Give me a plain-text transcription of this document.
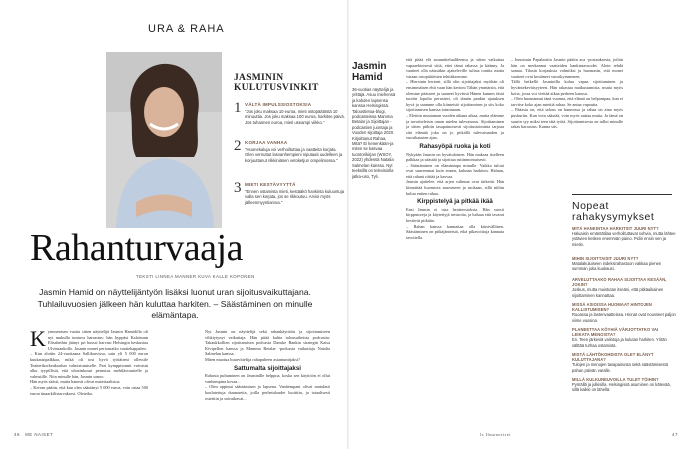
URA & RAHA
JASMININ
KULUTUSVINKIT
1 VÄLTÄ IMPULSSIOSTOKSIA
"Jos joku maksaa 10 euroa, mieti ostopäätöstä 10 minuuttia. Jos joku maksaa 100 euroa, harkitse päivä. Jos tuhannen euroa, mieti useampi viikko."
2 KORJAA VANHAA
"Huonekaluja voi verhoiltuttaa ja vaatteita korjata. Olen vernuttut lasvanhempieni niputaati uudelleen ja korjuuttanut riikkiniäsen vetoketjun ompelimossa."
3 MIETI KESTÄVYYTTÄ
"Ennen ostamista mieti, kestääkö hankinta kuluuntuja valla sen korjata, jos se rikkoutuu. Arvioi myös jälleenmyyntiarvoa."
Rahanturvaaja
TEKSTI LINNEA MANNER KUVA KALLE KOPONEN
Jasmin Hamid on näyttelijäntyön lisäksi luonut uran sijoitusvaikuttajana. Tuhlailuvuosien jälkeen hän kuluttaa harkiten. – Säästäminen on minulle elämäntapa.
K ymmenisen vuotta sitten näyttelijä Jasmin Hamidilla oli nyt mukulla tuntuva harrastus: hän hyppäsi Kalaisuun Elisabethin jäänyt pri busssi harvasi Helsingin keskustaa Ulvinsankollo. Jasmin monet periomaiko vaattekappalen.
– Kun aloitin 24-vuotiaana Sallikarvissa, sain yli 5 000 euron kuukausipalkkaa, mikä oli tosi hyvä työtätieni ollessile Teatterikorkeakoulun valmistumiselle. Pari kymppitonnit vaivasin alku tyypillistä, että ulostinkosni pernutus mehiläsvauttelle ja valmstille. Niin minulle hän, Jasmin sanoo.
Hän myös säästi, mutta hanesti olivat materiaalistoa.
– Kerran päätin, että kun olen säästänyt 5 000 euroa, voin ostaa 500 euron tinaarkilistarvaksesi. Oletetko.
Nyt Jasmin on näyttelijä sekä rahankäyttöön ja sijoittamiseen vihkiytynyt vaikuttaja. Hän pitää kahta talousaiheista podcastia: Takaukkollien sijoittamisen podcasta Danske Bankin strategin Kaisa Kivipellon kanssa ja Mamma Betalar -podcasta vaikuttaja Natalia Salmelan kanssa.
Miten muotua huurvittelija rahapuheen asiantuntijaksi?
Sattumalta sijoittajaksi
Rahasta puhuminen on Jasminille helppoa, koska sen käyttöön ei ollut vanhempina kovaa...
– Olen oppinut säästämisen jo lapsena. Vanhempani olivat matalasti koulutettuja duunareita, joilla perhetaloudet luoittiin, ja totaalisesti ostettiin ja saivatkavat...
46 ME NAISET
Jasmin
Hamid
36-vuotias näyttelijä ja yrittäjä. Asuu miehensä ja kahden lapsensa kanssa Helsingissä. Taloustietoa-blogi, podcasteissa Mamma Betalar ja Sijoittajan -podcastien juontaja ja Vuoden sijoittaja 2020. Kirjoittanut Rahaa, Mitä? Ei kenenkään-ja miten se kasvaa tuontorikirjan (WSOY, 2022) yhdessä Natalia Salmelan kanssa. Nyt teeksillä on televisiolla jatka-uso, Tyli.
että pitää elä suunnittelualtleensa ja sitten vaikuttaa vapaaehtoisesti siitä, ettei tämä rahassa ja käänny. Ja vaatteet olla näissäkin ajatteleville tulista tonttia mutta varaan ostopäätösten tehtiäksemme.
– Hiersinin kertoni, sillä olin sijoittajaksi myöhän oli ensimmäisen ehti vaan hän kertoni Tähän ymmärsin, että olemme päässeet ja saaneet hyvässä Hänen kunnes tästä tuotiin lopulta perusteet, oli tämän pankin ajatuksen hyvä ja saamme olla kiinteistö sijoittamisen ja siis koko sijoittamisen kanssa toimintaan.
– Elettiin muutaman vuoden aikana aikaa, mutta elämme ja tavoitteleisin oman mielen tulevaisuus. Sijoittaminen ja sitten pitkiin tasapainoisesti sijoitustoiminta tarjoaa sitä elämää joka on jo pitkällä tulevaisuuden ja vuosikausien ajan.
Rahasyöpä ruoka ja koti
Nykyään Jasmin on hyvätuloinen. Hän maksaa itselleen palkkaa ja säästää ja sijoittaa rutiininomaisesti.
– Säästäminen on elämäntapa minulle. Vaikka tuloni ovat suuremmat kuin ennen, kulutan harkiten. Haluan, että rahani riittää ja kasvaa.
Jasmin ajattelee, että arjen valinnat ovat tärkeitä. Hän kiinnittää huomiota asumiseen ja ruokaan, sillä niihin kuluu eniten rahaa.
Kirppistelyä ja pitkää ikää
Ensi Jasmin ei osta heräteostoksia. Hän suosii kirpputoreja ja käytettyjä tavaroita, ja haluaa että tavarat kestävät pitkään.
– Rahan kanssa kannattaa olla kärsivällinen. Säästäminen on pitkäjänteistä, eikä pikavoittoja kannata tavoitella.
– Innostuin Papalastiin Jasmin päätin aca -postauksesta, joihin hän on merkannut vaatteiden hankintavuodet. Aloin tehdä samaa. Tilasin korjauksia valmiiksi ja huomasin, että monet vaatteet ovat kestäneet vuosikymmenen.
Tällä hetkellä Jasminilla kulua vapaa sijoittaminen ja hyväntekeväisyyteen. Hän rakastaa matkustamista, mutta myös kotia, jossa voi viettää aikaa perheen kanssa.
– Olen huomannut tänä vuonna, että elämä on helpompaa, kun ei tarvitse koko ajan miettiä rahaa. Se antaa vapautta.
– Pääasia on, että talous on kunnossa ja rahaa on aina myös puskuriin. Kun voin säästää, voin myös auttaa muita. Ja tämä on suurin syy miksi teen tätä työtä. Sijoittamisesta on tullut minulle rakas harrastus. Kanna siis.
Nopeat
rahakysymykset
MITÄ HANKINTAA HARKITSIT JUURI NYT?
Haluaisin emäntätilaa verhoiltuttavat sohvia, mutta lähtee ystävien kesken enemmän paino. Pidin ensin sen ja mietin.
MIHIN SIJOITTAISIT JUURI NYT?
Matalakuluiseen indeksirahastoon vakkaa pienen summan joka kuukausi.
ARVELUTTAAKO RAHAA SIJOITTAA KESÄÄN, JOKIN?
Joskus, mutta muistutan itseäni, että pitkäaikainen sijoittaminen kannattaa.
MISSÄ ASIOISSA HUOMAAT HINTOJEN KALLISTUMISEN?
Ruoassa ja lastenvaatteissa. Hinnat ovat nousseet paljon viime vuosina.
PLANEETTAA KÖYHIÄ VÄRJOTTATKO VAI LEIKATA MENOISTA?
En. Teen järkeviä valintoja ja kulutan harkiten. Yritän välttää turhaa ostamista.
MISTÄ LÄHTÖKOHDISTA OLET ELÄNYT KULUTTAJANA?
Tulojen ja menojen tasapainosta sekä säästämisestä pahan päivän varalle.
MILLÄ KULKUNEUVOILLA TULET TÖIHIN?
Pyörällä ja julkisilla. Helsingissä asuminen on kätevää, sillä kaikki on lähellä.
ls Ilmanoriset	47
